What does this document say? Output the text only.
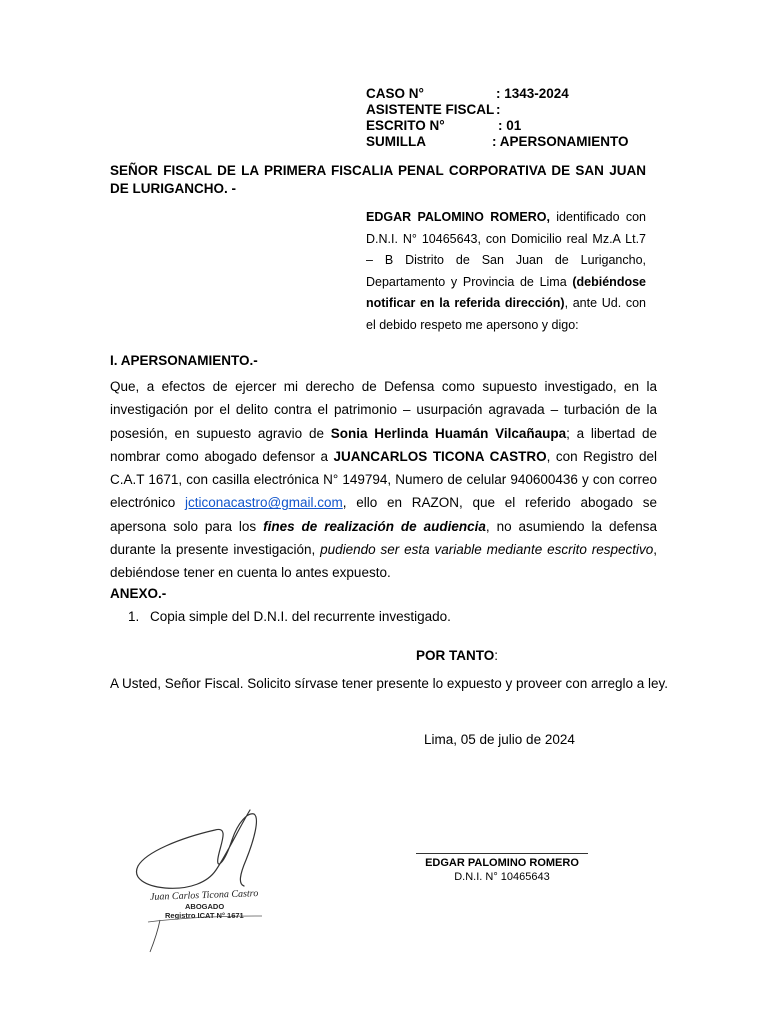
CASO N°	: 1343-2024
ASISTENTE FISCAL :
ESCRITO N°	: 01
SUMILLA	: APERSONAMIENTO
SEÑOR FISCAL DE LA PRIMERA FISCALIA PENAL CORPORATIVA DE SAN JUAN DE LURIGANCHO. -
EDGAR PALOMINO ROMERO, identificado con D.N.I. N° 10465643, con Domicilio real Mz.A Lt.7 – B Distrito de San Juan de Lurigancho, Departamento y Provincia de Lima (debiéndose notificar en la referida dirección), ante Ud. con el debido respeto me apersono y digo:
I. APERSONAMIENTO.-
Que, a efectos de ejercer mi derecho de Defensa como supuesto investigado, en la investigación por el delito contra el patrimonio – usurpación agravada – turbación de la posesión, en supuesto agravio de Sonia Herlinda Huamán Vilcañaupa; a libertad de nombrar como abogado defensor a JUANCARLOS TICONA CASTRO, con Registro del C.A.T 1671, con casilla electrónica N° 149794, Numero de celular 940600436 y con correo electrónico jcticonacastro@gmail.com, ello en RAZON, que el referido abogado se apersona solo para los fines de realización de audiencia, no asumiendo la defensa durante la presente investigación, pudiendo ser esta variable mediante escrito respectivo, debiéndose tener en cuenta lo antes expuesto.
ANEXO.-
1. Copia simple del D.N.I. del recurrente investigado.
POR TANTO:
A Usted, Señor Fiscal. Solicito sírvase tener presente lo expuesto y proveer con arreglo a ley.
Lima, 05 de julio de 2024
Juan Carlos Ticona Castro
ABOGADO
Registro ICAT N° 1671
EDGAR PALOMINO ROMERO
D.N.I. N° 10465643
